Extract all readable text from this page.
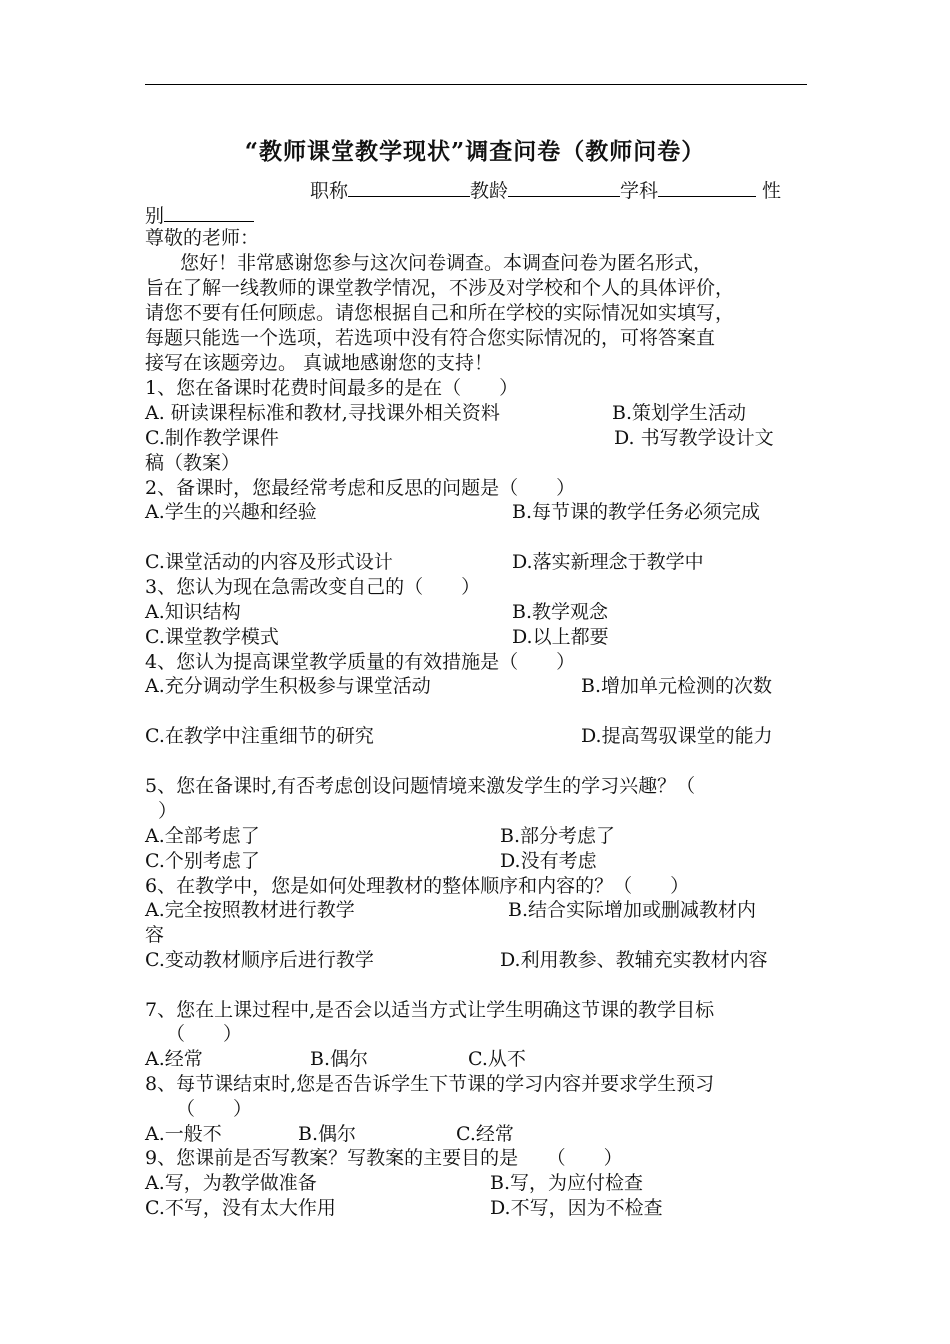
“教师课堂教学现状”调查问卷（教师问卷）
职称	教龄	学科	性
别
尊敬的老师：
您好！非常感谢您参与这次问卷调查。本调查问卷为匿名形式，
旨在了解一线教师的课堂教学情况，不涉及对学校和个人的具体评价，
请您不要有任何顾虑。请您根据自己和所在学校的实际情况如实填写，
每题只能选一个选项，若选项中没有符合您实际情况的，可将答案直
接写在该题旁边。 真诚地感谢您的支持！
1、您在备课时花费时间最多的是在（　　）
A. 研读课程标准和教材,寻找课外相关资料	B.策划学生活动
C.制作教学课件	D. 书写教学设计文
稿（教案）
2、备课时，您最经常考虑和反思的问题是（　　）
A.学生的兴趣和经验	B.每节课的教学任务必须完成
C.课堂活动的内容及形式设计	D.落实新理念于教学中
3、您认为现在急需改变自己的（　　）
A.知识结构	B.教学观念
C.课堂教学模式	D.以上都要
4、您认为提高课堂教学质量的有效措施是（　　）
A.充分调动学生积极参与课堂活动	B.增加单元检测的次数
C.在教学中注重细节的研究	D.提高驾驭课堂的能力
5、您在备课时,有否考虑创设问题情境来激发学生的学习兴趣？（
）
A.全部考虑了	B.部分考虑了
C.个别考虑了	D.没有考虑
6、在教学中，您是如何处理教材的整体顺序和内容的？（　　）
A.完全按照教材进行教学	B.结合实际增加或删减教材内
容
C.变动教材顺序后进行教学	D.利用教参、教辅充实教材内容
7、您在上课过程中,是否会以适当方式让学生明确这节课的教学目标
（　　）
A.经常	B.偶尔	C.从不
8、每节课结束时,您是否告诉学生下节课的学习内容并要求学生预习
（　　）
A.一般不	B.偶尔	C.经常
9、您课前是否写教案？写教案的主要目的是　　（　　）
A.写，为教学做准备	B.写，为应付检查
C.不写，没有太大作用	D.不写，因为不检查
